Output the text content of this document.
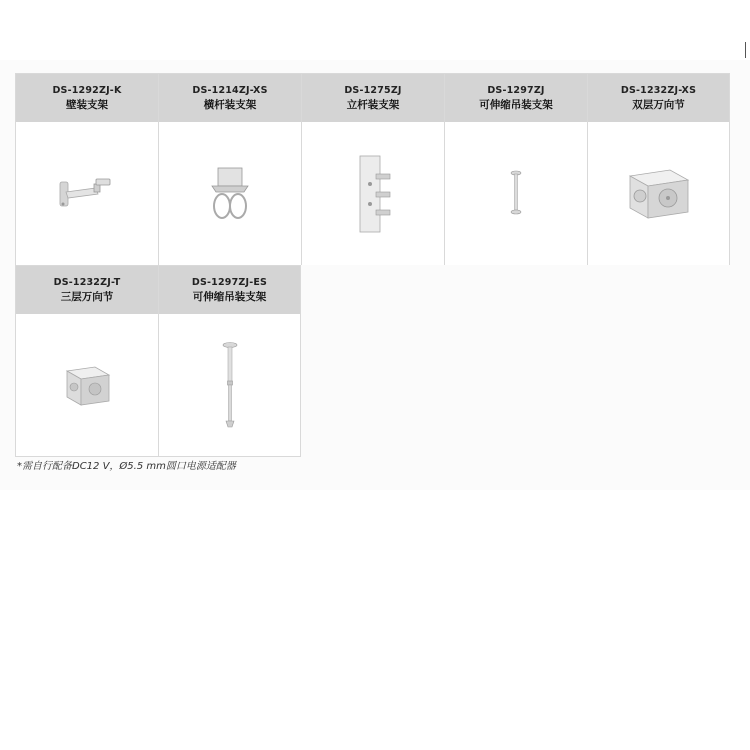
DS-1292ZJ-K
壁装支架
DS-1214ZJ-XS
横杆装支架
DS-1275ZJ
立杆装支架
DS-1297ZJ
可伸缩吊装支架
DS-1232ZJ-XS
双层万向节
DS-1232ZJ-T
三层万向节
DS-1297ZJ-ES
可伸缩吊装支架
*需自行配备DC12 V，Ø5.5 mm圆口电源适配器
